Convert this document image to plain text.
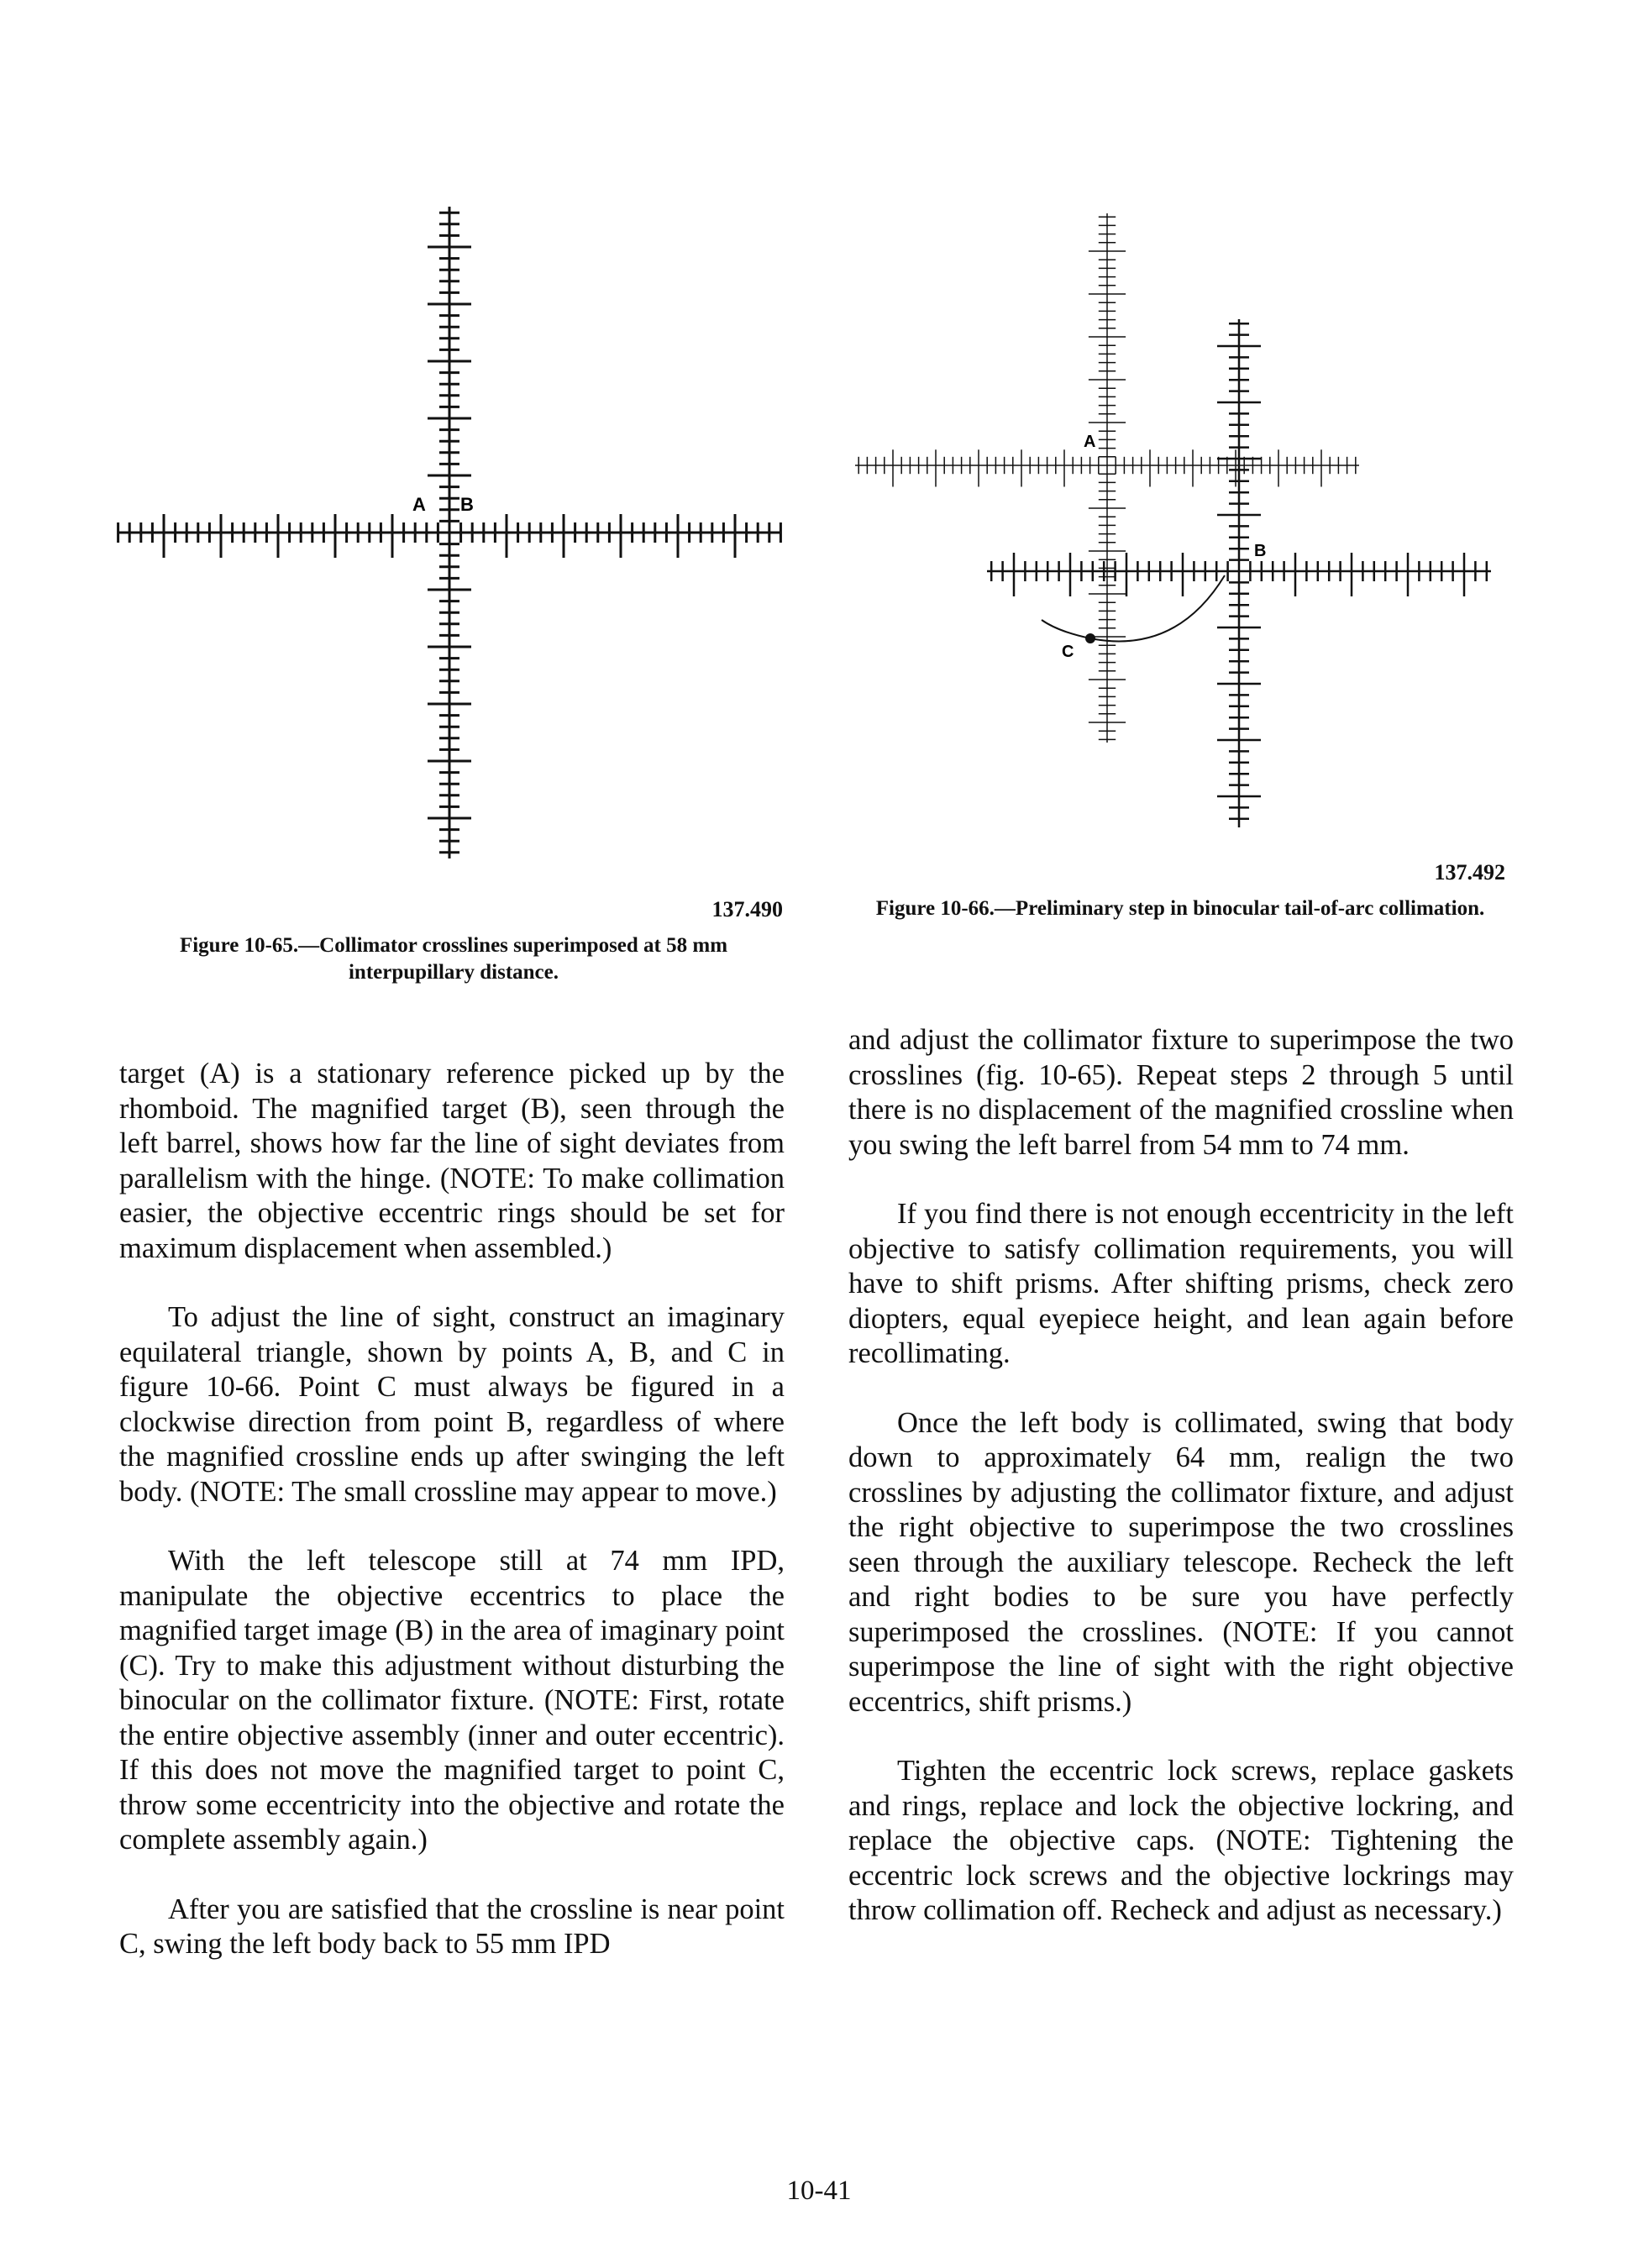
A B
A
B
C
137.490
Figure 10-65.—Collimator crosslines superimposed at 58 mm interpupillary distance.
137.492
Figure 10-66.—Preliminary step in binocular tail-of-arc collimation.

target (A) is a stationary reference picked up by the rhomboid. The magnified target (B), seen through the left barrel, shows how far the line of sight deviates from parallelism with the hinge. (NOTE: To make collimation easier, the objective eccentric rings should be set for maximum displacement when assembled.)

To adjust the line of sight, construct an imaginary equilateral triangle, shown by points A, B, and C in figure 10-66. Point C must always be figured in a clockwise direction from point B, regardless of where the magnified crossline ends up after swinging the left body. (NOTE: The small crossline may appear to move.)

With the left telescope still at 74 mm IPD, manipulate the objective eccentrics to place the magnified target image (B) in the area of imaginary point (C). Try to make this adjustment without disturbing the binocular on the collimator fixture. (NOTE: First, rotate the entire objective assembly (inner and outer eccentric). If this does not move the magnified target to point C, throw some eccentricity into the objective and rotate the complete assembly again.)

After you are satisfied that the crossline is near point C, swing the left body back to 55 mm IPD

and adjust the collimator fixture to superimpose the two crosslines (fig. 10-65). Repeat steps 2 through 5 until there is no displacement of the magnified crossline when you swing the left barrel from 54 mm to 74 mm.

If you find there is not enough eccentricity in the left objective to satisfy collimation requirements, you will have to shift prisms. After shifting prisms, check zero diopters, equal eyepiece height, and lean again before recollimating.

Once the left body is collimated, swing that body down to approximately 64 mm, realign the two crosslines by adjusting the collimator fixture, and adjust the right objective to superimpose the two crosslines seen through the auxiliary telescope. Recheck the left and right bodies to be sure you have perfectly superimposed the crosslines. (NOTE: If you cannot superimpose the line of sight with the right objective eccentrics, shift prisms.)

Tighten the eccentric lock screws, replace gaskets and rings, replace and lock the objective lockring, and replace the objective caps. (NOTE: Tightening the eccentric lock screws and the objective lockrings may throw collimation off. Recheck and adjust as necessary.)

10-41
